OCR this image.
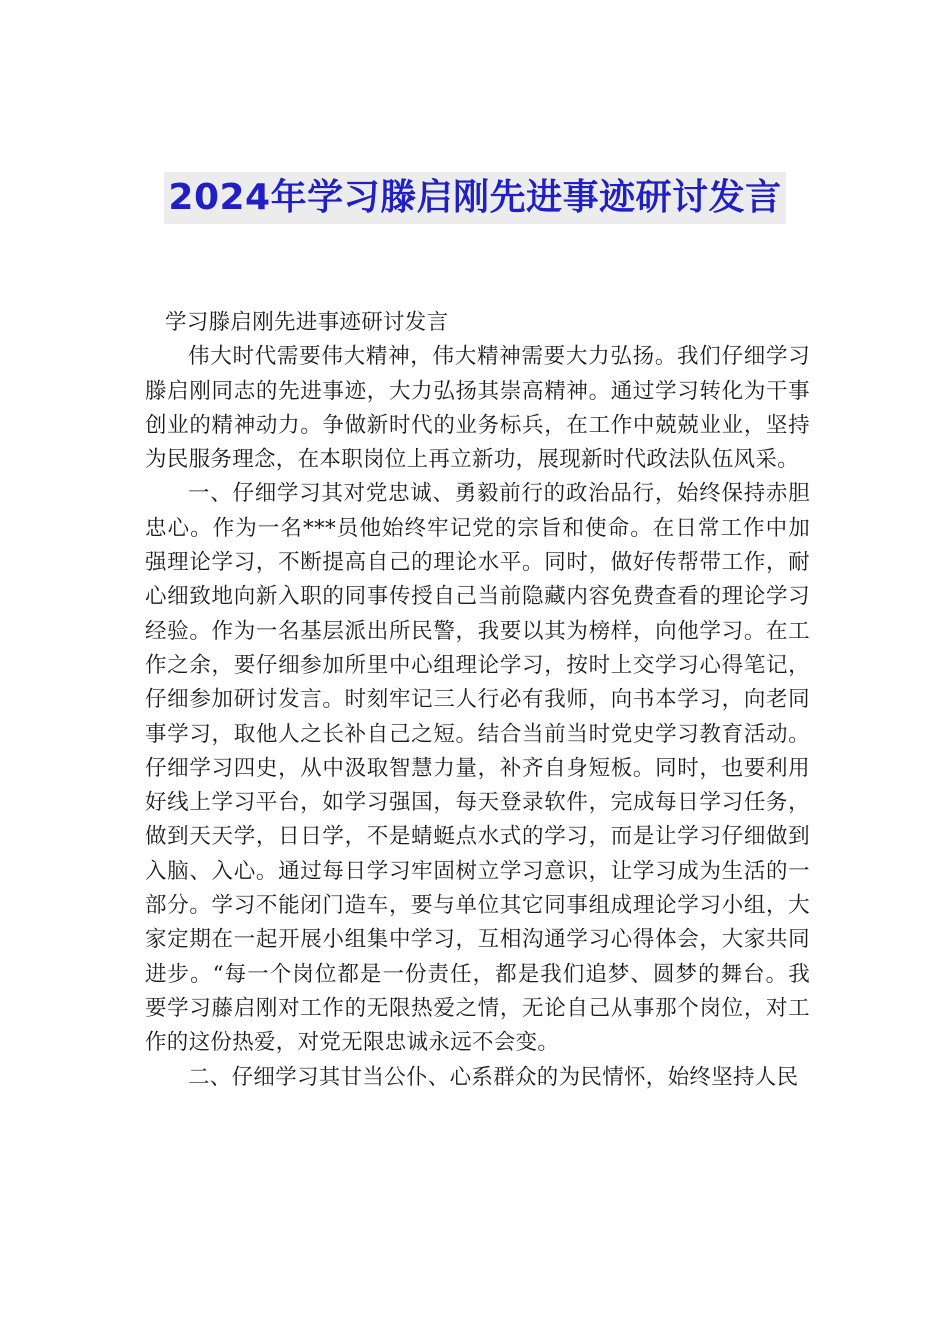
2024年学习滕启刚先进事迹研讨发言

学习滕启刚先进事迹研讨发言

伟大时代需要伟大精神，伟大精神需要大力弘扬。我们仔细学习滕启刚同志的先进事迹，大力弘扬其崇高精神。通过学习转化为干事创业的精神动力。争做新时代的业务标兵，在工作中兢兢业业，坚持为民服务理念，在本职岗位上再立新功，展现新时代政法队伍风采。

一、仔细学习其对党忠诚、勇毅前行的政治品行，始终保持赤胆忠心。作为一名***员他始终牢记党的宗旨和使命。在日常工作中加强理论学习，不断提高自己的理论水平。同时，做好传帮带工作，耐心细致地向新入职的同事传授自己当前隐藏内容免费查看的理论学习经验。作为一名基层派出所民警，我要以其为榜样，向他学习。在工作之余，要仔细参加所里中心组理论学习，按时上交学习心得笔记，仔细参加研讨发言。时刻牢记三人行必有我师，向书本学习，向老同事学习，取他人之长补自己之短。结合当前当时党史学习教育活动。仔细学习四史，从中汲取智慧力量，补齐自身短板。同时，也要利用好线上学习平台，如学习强国，每天登录软件，完成每日学习任务，做到天天学，日日学，不是蜻蜓点水式的学习，而是让学习仔细做到入脑、入心。通过每日学习牢固树立学习意识，让学习成为生活的一部分。学习不能闭门造车，要与单位其它同事组成理论学习小组，大家定期在一起开展小组集中学习，互相沟通学习心得体会，大家共同进步。“每一个岗位都是一份责任，都是我们追梦、圆梦的舞台。我要学习藤启刚对工作的无限热爱之情，无论自己从事那个岗位，对工作的这份热爱，对党无限忠诚永远不会变。

二、仔细学习其甘当公仆、心系群众的为民情怀，始终坚持人民
